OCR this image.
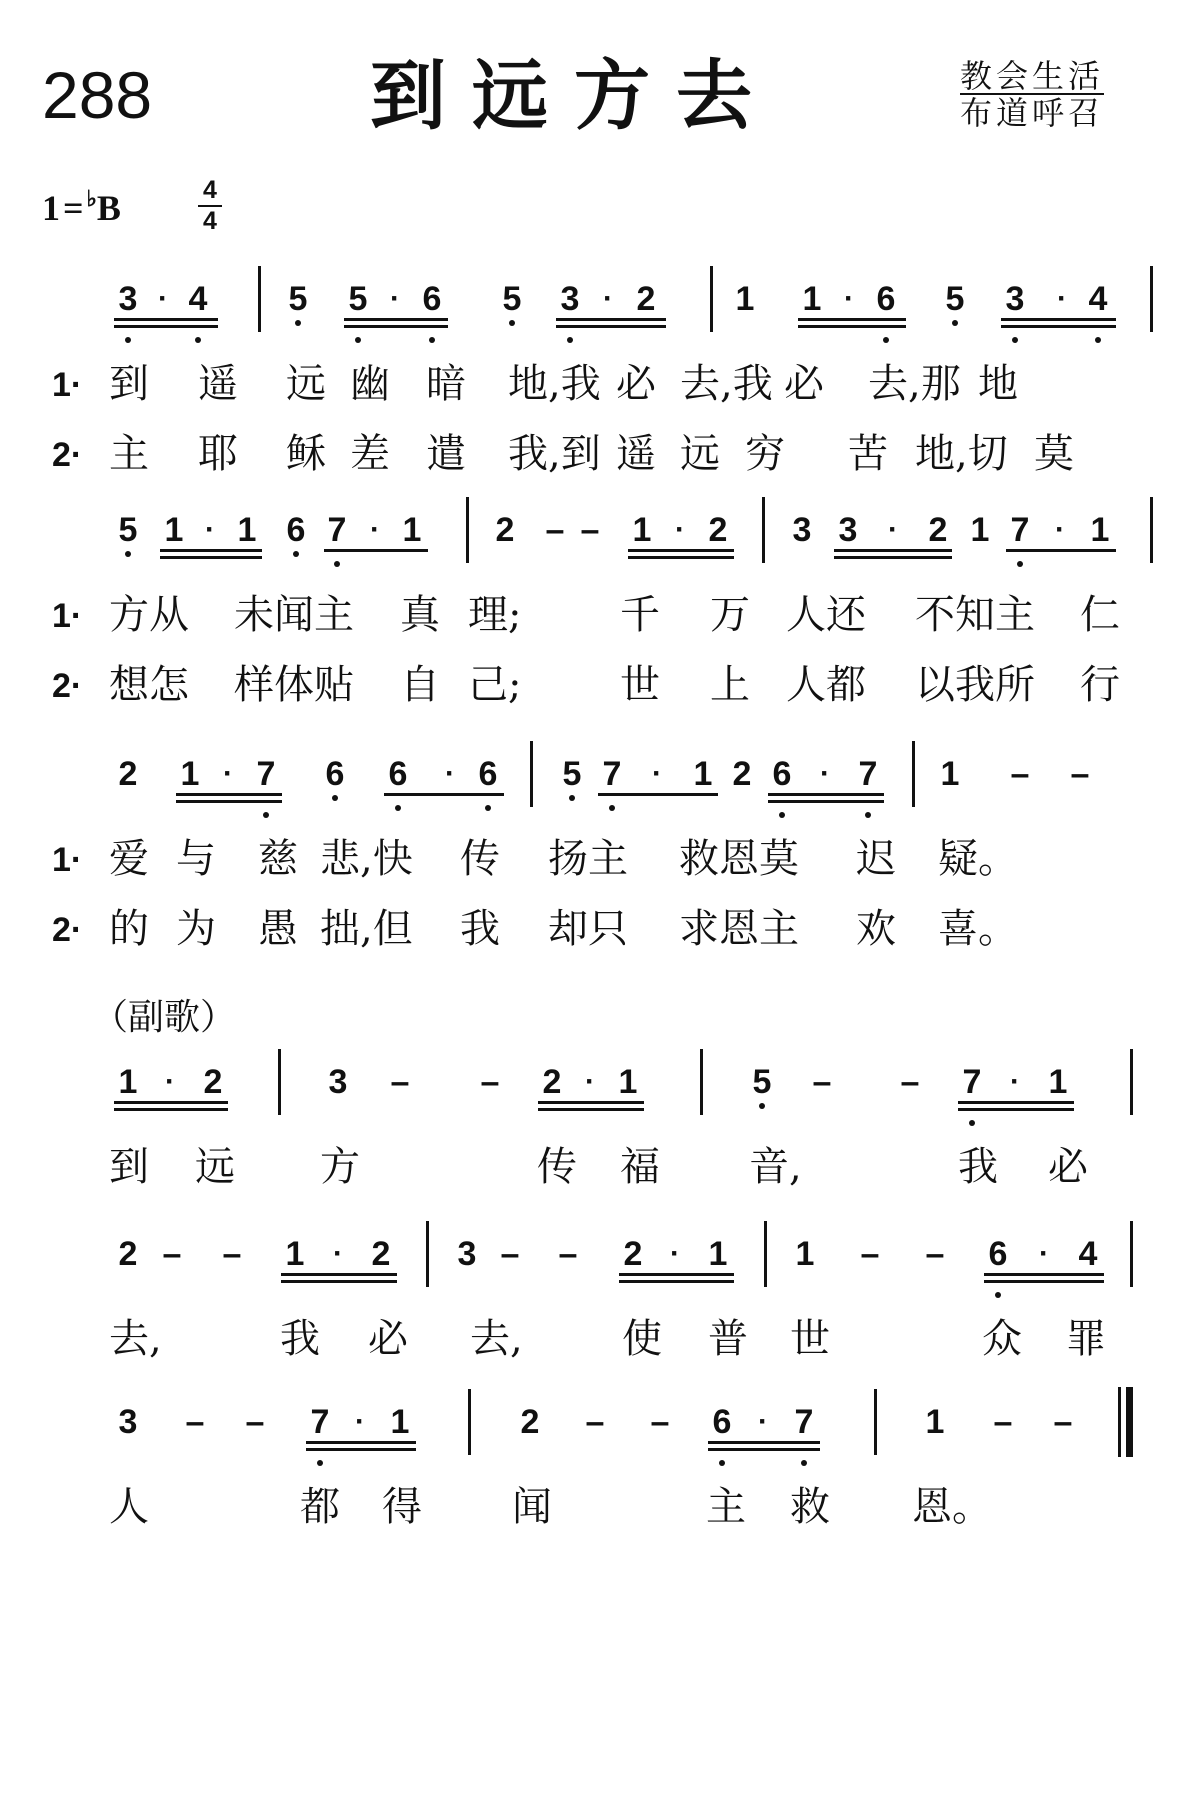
288	到远方去	教会生活
布道呼召
1= ♭B	4
4
（副歌）
3 · 4	5	5 · 6	5	3 · 2	1	1 · 6	5	3	· 4
1· 到 遥 远 幽 暗 地,我 必 去,我 必 去,那 地
2· 主 耶 稣 差 遣 我,到 遥 远 穷 苦 地,切 莫
5 1 · 1 6 7 · 1	2 – – 1 · 2	3 3	· 2 1 7 · 1
1· 方从 未闻主 真 理; 千 万 人还 不知主 仁
2· 想怎 样体贴 自 己; 世 上 人都 以我所 行
2	1 · 7	6	6	· 6	5 7	· 1 2 6 · 7	1	–	–
1· 爱 与 慈 悲,快 传 扬主 救恩莫 迟 疑。
2· 的 为 愚 拙,但 我 却只 求恩主 欢 喜。
1 · 2	3	–	–	2 · 1	5	–	–	7 · 1
到 远 方	传 福 音,	我 必
2 –	–	1 · 2	3 –	–	2 · 1	1	–	–	6	· 4
去,	我 必 去, 使 普 世	众 罪
3	–	–	7 · 1	2	–	–	6 · 7	1	–	–
人	都 得 闻	主 救 恩。
